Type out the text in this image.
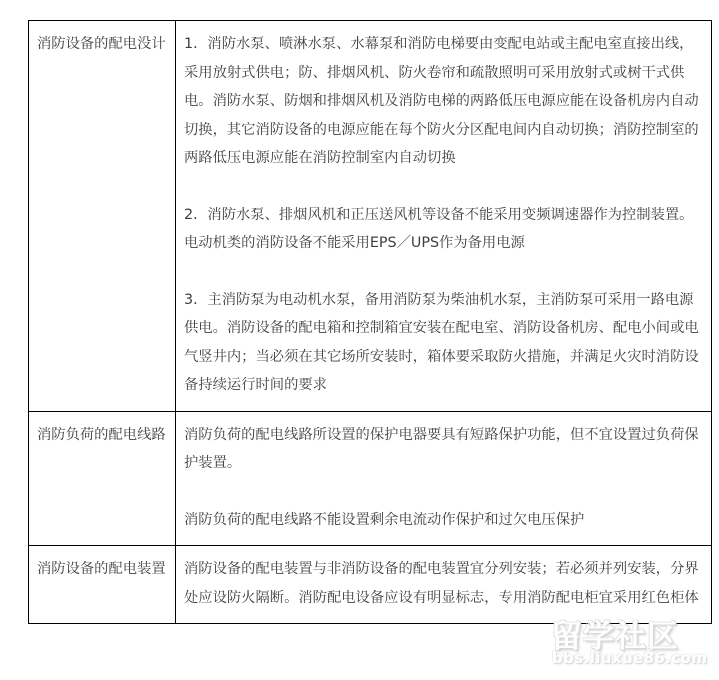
消防设备的配电没计	1．消防水泵、喷淋水泵、水幕泵和消防电梯要由变配电站或主配电室直接出线，采用放射式供电；防、排烟风机、防火卷帘和疏散照明可采用放射式或树干式供电。消防水泵、防烟和排烟风机及消防电梯的两路低压电源应能在设备机房内自动切换，其它消防设备的电源应能在每个防火分区配电间内自动切换；消防控制室的两路低压电源应能在消防控制室内自动切换

2．消防水泵、排烟风机和正压送风机等设备不能采用变频调速器作为控制装置。电动机类的消防设备不能采用EPS／UPS作为备用电源

3．主消防泵为电动机水泵，备用消防泵为柴油机水泵，主消防泵可采用一路电源供电。消防设备的配电箱和控制箱宜安装在配电室、消防设备机房、配电小间或电气竖井内；当必须在其它场所安装时，箱体要采取防火措施，并满足火灾时消防设备持续运行时间的要求

消防负荷的配电线路	消防负荷的配电线路所设置的保护电器要具有短路保护功能，但不宜设置过负荷保护装置。

消防负荷的配电线路不能设置剩余电流动作保护和过欠电压保护

消防设备的配电装置	消防设备的配电装置与非消防设备的配电装置宜分列安装；若必须并列安装，分界处应设防火隔断。消防配电设备应设有明显标志，专用消防配电柜宜采用红色柜体

留学社区
bbs.liuxue86.com
